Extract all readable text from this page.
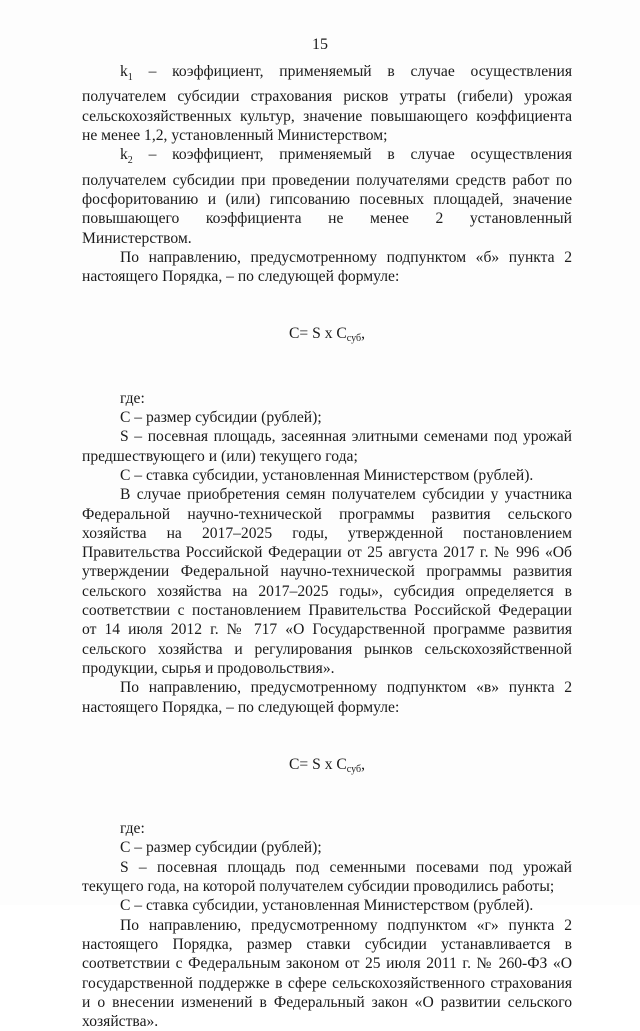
15

$k_1$ – коэффициент, применяемый в случае осуществления получателем субсидии страхования рисков утраты (гибели) урожая сельскохозяйственных культур, значение повышающего коэффициента не менее 1,2, установленный Министерством;

$k_2$ – коэффициент, применяемый в случае осуществления получателем субсидии при проведении получателями средств работ по фосфоритованию и (или) гипсованию посевных площадей, значение повышающего коэффициента не менее 2 установленный Министерством.

По направлению, предусмотренному подпунктом «б» пункта 2 настоящего Порядка, – по следующей формуле:

C= S x $C_{суб}$,

где:

C – размер субсидии (рублей);

S – посевная площадь, засеянная элитными семенами под урожай предшествующего и (или) текущего года;

C – ставка субсидии, установленная Министерством (рублей).

В случае приобретения семян получателем субсидии у участника Федеральной научно-технической программы развития сельского хозяйства на 2017–2025 годы, утвержденной постановлением Правительства Российской Федерации от 25 августа 2017 г. № 996 «Об утверждении Федеральной научно-технической программы развития сельского хозяйства на 2017–2025 годы», субсидия определяется в соответствии с постановлением Правительства Российской Федерации от 14 июля 2012 г. № 717 «О Государственной программе развития сельского хозяйства и регулирования рынков сельскохозяйственной продукции, сырья и продовольствия».

По направлению, предусмотренному подпунктом «в» пункта 2 настоящего Порядка, – по следующей формуле:

C= S x $C_{суб}$,

где:

C – размер субсидии (рублей);

S – посевная площадь под семенными посевами под урожай текущего года, на которой получателем субсидии проводились работы;

C – ставка субсидии, установленная Министерством (рублей).

По направлению, предусмотренному подпунктом «г» пункта 2 настоящего Порядка, размер ставки субсидии устанавливается в соответствии с Федеральным законом от 25 июля 2011 г. № 260-ФЗ «О государственной поддержке в сфере сельскохозяйственного страхования и о внесении изменений в Федеральный закон «О развитии сельского хозяйства».
